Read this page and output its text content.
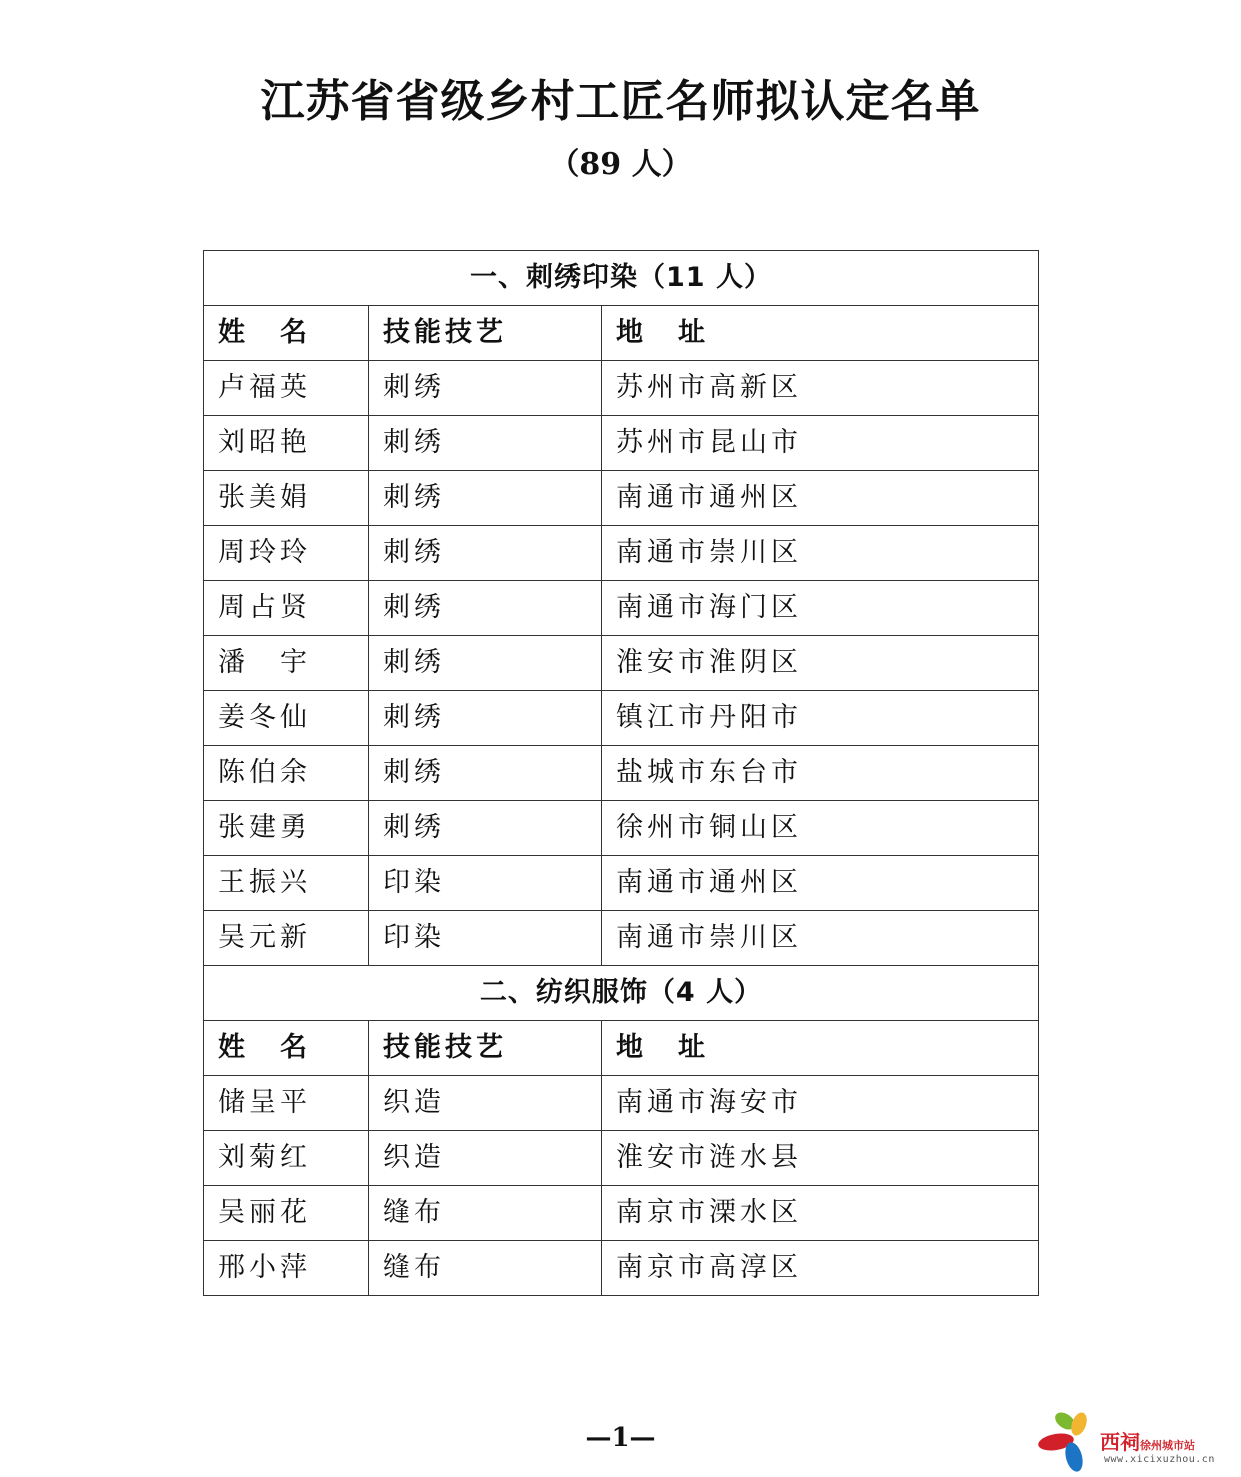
江苏省省级乡村工匠名师拟认定名单
（89 人）
一、刺绣印染（11 人）		
姓　名	技能技艺	地　址
卢福英	刺绣	苏州市高新区
刘昭艳	刺绣	苏州市昆山市
张美娟	刺绣	南通市通州区
周玲玲	刺绣	南通市崇川区
周占贤	刺绣	南通市海门区
潘　宇	刺绣	淮安市淮阴区
姜冬仙	刺绣	镇江市丹阳市
陈伯余	刺绣	盐城市东台市
张建勇	刺绣	徐州市铜山区
王振兴	印染	南通市通州区
吴元新	印染	南通市崇川区
二、纺织服饰（4 人）		
姓　名	技能技艺	地　址
储呈平	织造	南通市海安市
刘菊红	织造	淮安市涟水县
吴丽花	缝布	南京市溧水区
邢小萍	缝布	南京市高淳区
—1—	西祠徐州城市站
www.xicixuzhou.cn
